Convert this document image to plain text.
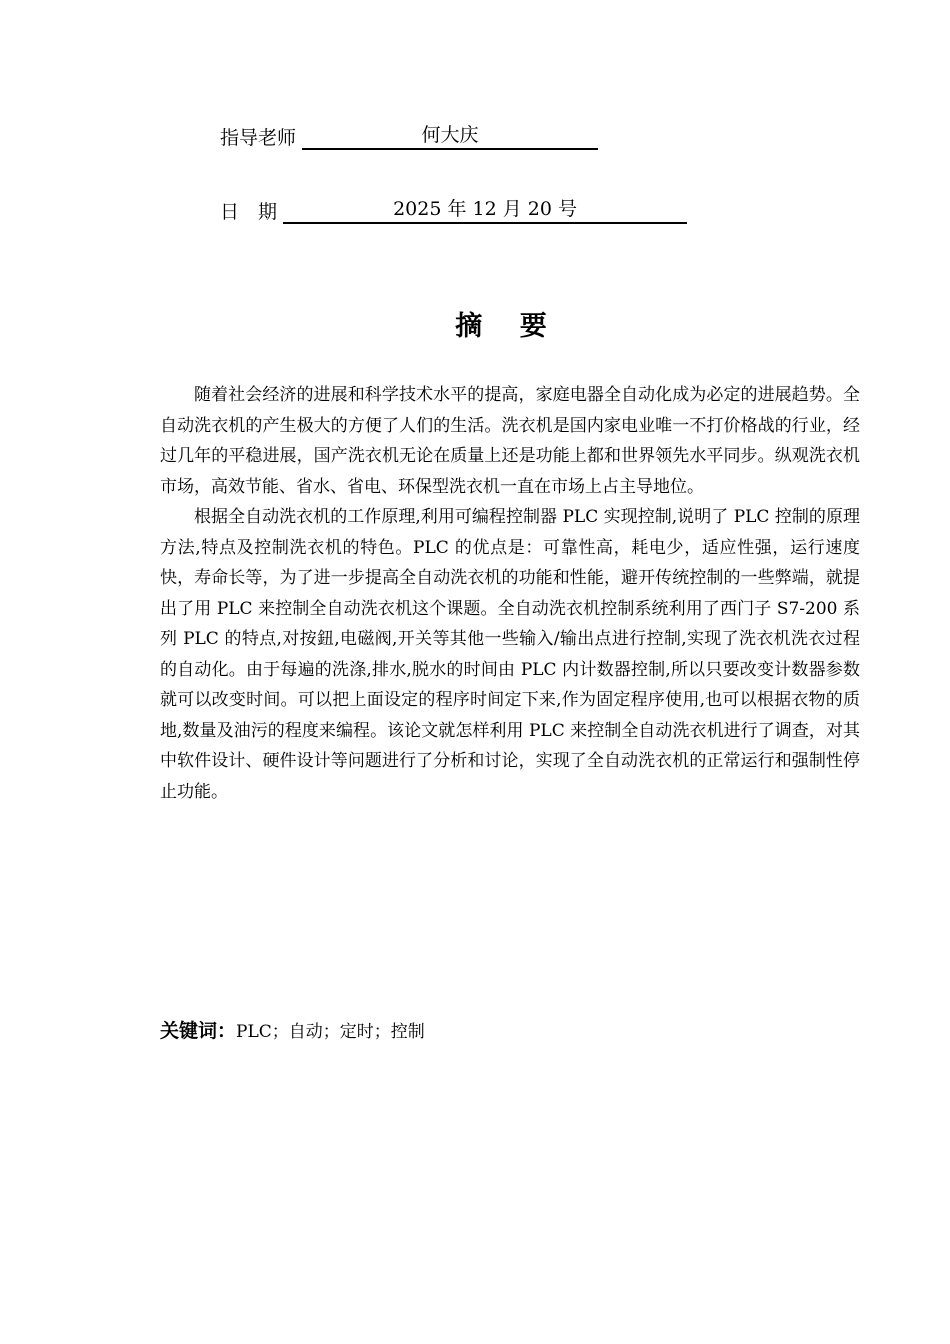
指导老师	何大庆
日　期	2025 年 12 月 20 号
摘 要

随着社会经济的进展和科学技术水平的提高，家庭电器全自动化成为必定的进展趋势。全自动洗衣机的产生极大的方便了人们的生活。洗衣机是国内家电业唯一不打价格战的行业，经过几年的平稳进展，国产洗衣机无论在质量上还是功能上都和世界领先水平同步。纵观洗衣机市场，高效节能、省水、省电、环保型洗衣机一直在市场上占主导地位。

根据全自动洗衣机的工作原理,利用可编程控制器 PLC 实现控制,说明了 PLC 控制的原理方法,特点及控制洗衣机的特色。PLC 的优点是：可靠性高，耗电少，适应性强，运行速度快，寿命长等，为了进一步提高全自动洗衣机的功能和性能，避开传统控制的一些弊端，就提出了用 PLC 来控制全自动洗衣机这个课题。全自动洗衣机控制系统利用了西门子 S7-200 系列 PLC 的特点,对按鈕,电磁阀,开关等其他一些输入/输出点进行控制,实现了洗衣机洗衣过程的自动化。由于每遍的洗涤,排水,脱水的时间由 PLC 内计数器控制,所以只要改变计数器参数就可以改变时间。可以把上面设定的程序时间定下来,作为固定程序使用,也可以根据衣物的质地,数量及油污的程度来编程。该论文就怎样利用 PLC 来控制全自动洗衣机进行了调查，对其中软件设计、硬件设计等问题进行了分析和讨论，实现了全自动洗衣机的正常运行和强制性停止功能。

关键词：PLC；自动；定时；控制
